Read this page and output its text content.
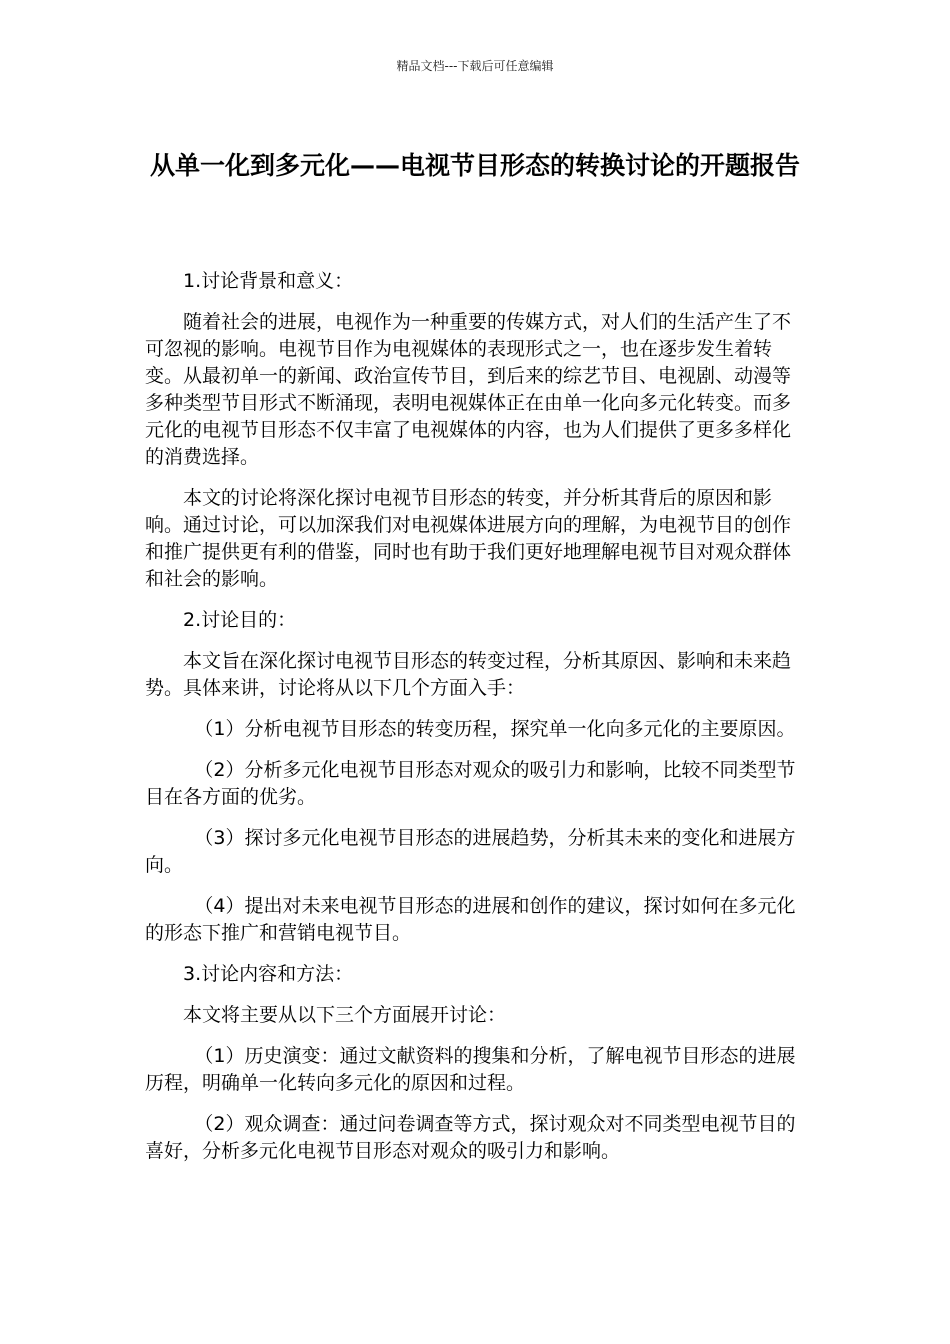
精品文档---下载后可任意编辑
从单一化到多元化——电视节目形态的转换讨论的开题报告

1.讨论背景和意义：

随着社会的进展，电视作为一种重要的传媒方式，对人们的生活产生了不可忽视的影响。电视节目作为电视媒体的表现形式之一，也在逐步发生着转变。从最初单一的新闻、政治宣传节目，到后来的综艺节目、电视剧、动漫等多种类型节目形式不断涌现，表明电视媒体正在由单一化向多元化转变。而多元化的电视节目形态不仅丰富了电视媒体的内容，也为人们提供了更多多样化的消费选择。

本文的讨论将深化探讨电视节目形态的转变，并分析其背后的原因和影响。通过讨论，可以加深我们对电视媒体进展方向的理解，为电视节目的创作和推广提供更有利的借鉴，同时也有助于我们更好地理解电视节目对观众群体和社会的影响。

2.讨论目的：

本文旨在深化探讨电视节目形态的转变过程，分析其原因、影响和未来趋势。具体来讲，讨论将从以下几个方面入手：

（1）分析电视节目形态的转变历程，探究单一化向多元化的主要原因。

（2）分析多元化电视节目形态对观众的吸引力和影响，比较不同类型节目在各方面的优劣。

（3）探讨多元化电视节目形态的进展趋势，分析其未来的变化和进展方向。

（4）提出对未来电视节目形态的进展和创作的建议，探讨如何在多元化的形态下推广和营销电视节目。

3.讨论内容和方法：

本文将主要从以下三个方面展开讨论：

（1）历史演变：通过文献资料的搜集和分析，了解电视节目形态的进展历程，明确单一化转向多元化的原因和过程。

（2）观众调查：通过问卷调查等方式，探讨观众对不同类型电视节目的喜好，分析多元化电视节目形态对观众的吸引力和影响。
